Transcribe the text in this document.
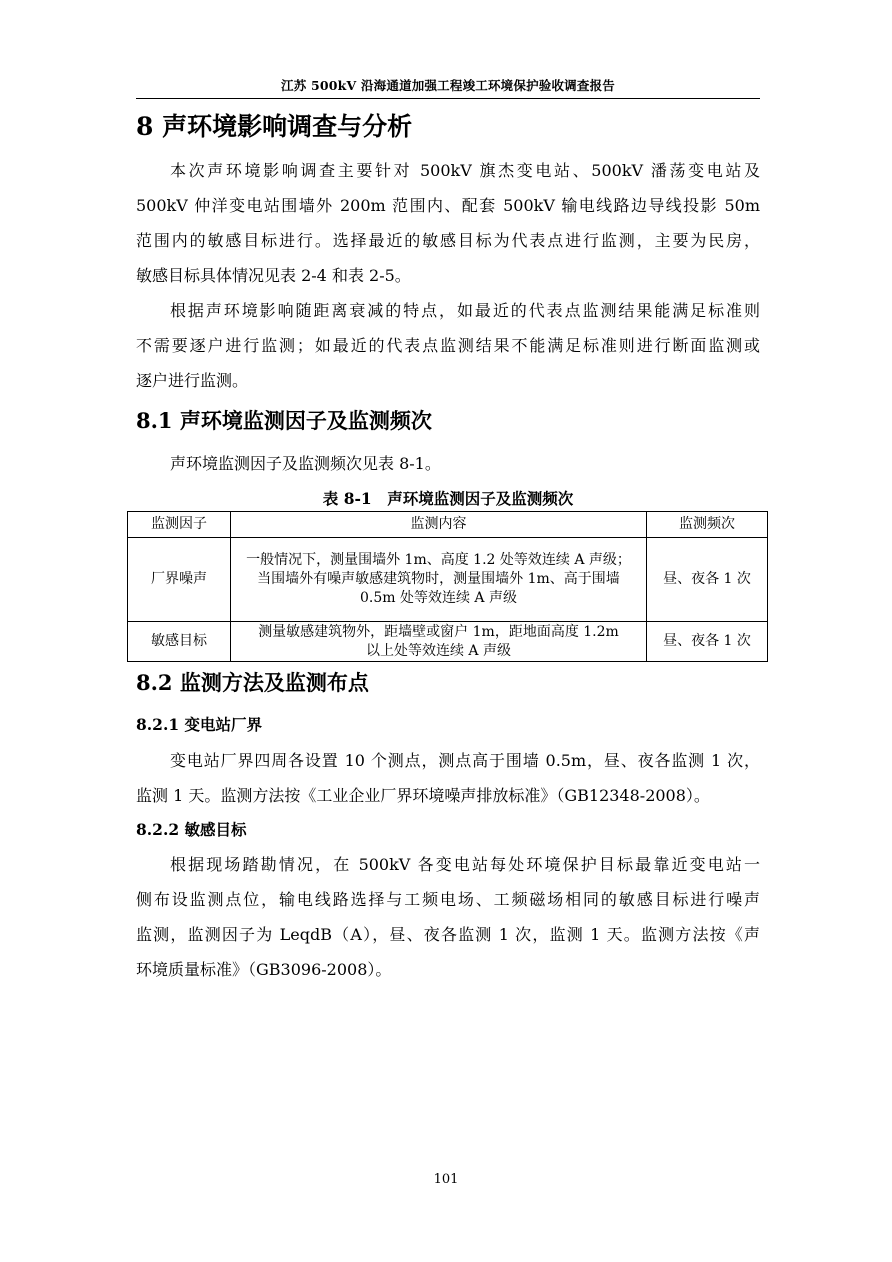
江苏 500kV 沿海通道加强工程竣工环境保护验收调查报告
8 声环境影响调查与分析
本次声环境影响调查主要针对 500kV 旗杰变电站、500kV 潘荡变电站及
500kV 仲洋变电站围墙外 200m 范围内、配套 500kV 输电线路边导线投影 50m
范围内的敏感目标进行。选择最近的敏感目标为代表点进行监测，主要为民房，
敏感目标具体情况见表 2-4 和表 2-5。
根据声环境影响随距离衰减的特点，如最近的代表点监测结果能满足标准则
不需要逐户进行监测；如最近的代表点监测结果不能满足标准则进行断面监测或
逐户进行监测。
8.1 声环境监测因子及监测频次
声环境监测因子及监测频次见表 8-1。
表 8-1　声环境监测因子及监测频次
监测因子	监测内容	监测频次
厂界噪声	一般情况下，测量围墙外 1m、高度 1.2 处等效连续 A 声级；
当围墙外有噪声敏感建筑物时，测量围墙外 1m、高于围墙
0.5m 处等效连续 A 声级	昼、夜各 1 次
敏感目标	测量敏感建筑物外，距墙壁或窗户 1m，距地面高度 1.2m
以上处等效连续 A 声级	昼、夜各 1 次
8.2 监测方法及监测布点
8.2.1 变电站厂界
变电站厂界四周各设置 10 个测点，测点高于围墙 0.5m，昼、夜各监测 1 次，
监测 1 天。监测方法按《工业企业厂界环境噪声排放标准》（GB12348-2008）。
8.2.2 敏感目标
根据现场踏勘情况，在 500kV 各变电站每处环境保护目标最靠近变电站一
侧布设监测点位，输电线路选择与工频电场、工频磁场相同的敏感目标进行噪声
监测，监测因子为 LeqdB（A），昼、夜各监测 1 次，监测 1 天。监测方法按《声
环境质量标准》（GB3096-2008）。
101
